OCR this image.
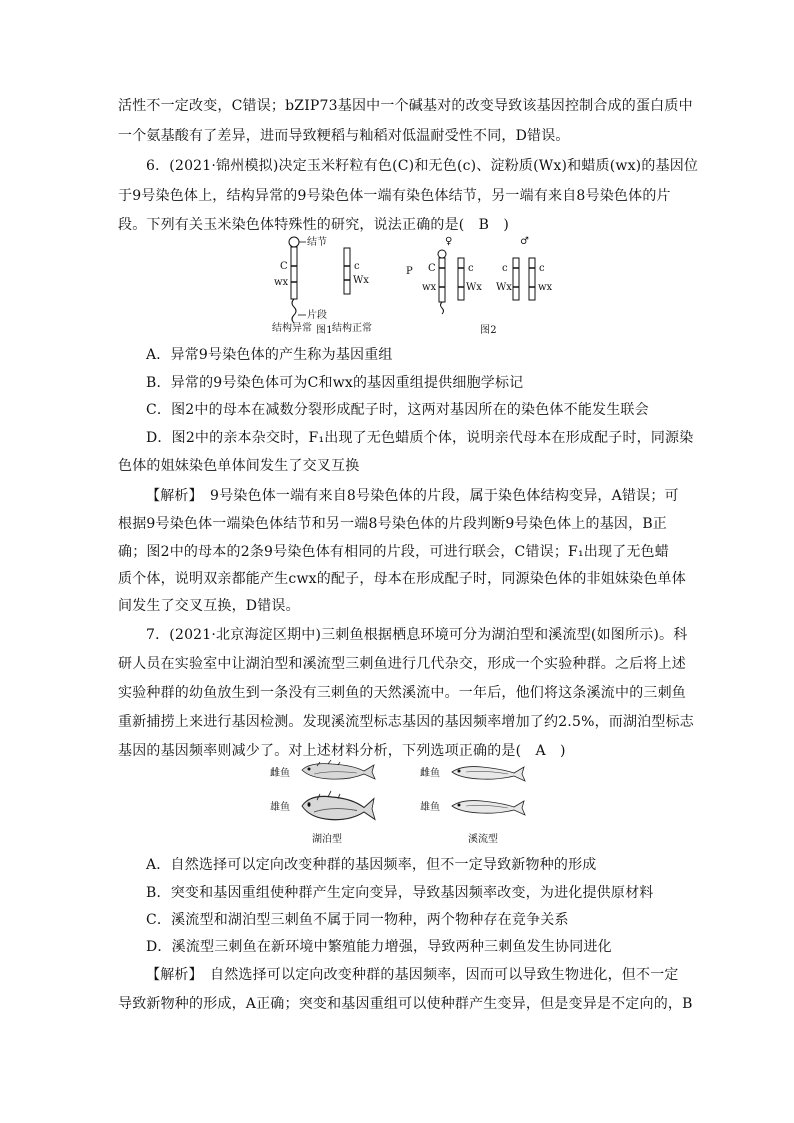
活性不一定改变，C错误；bZIP73基因中一个碱基对的改变导致该基因控制合成的蛋白质中
一个氨基酸有了差异，进而导致粳稻与籼稻对低温耐受性不同，D错误。
6．(2021·锦州模拟)决定玉米籽粒有色(C)和无色(c)、淀粉质(Wx)和蜡质(wx)的基因位
于9号染色体上，结构异常的9号染色体一端有染色体结节，另一端有来自8号染色体的片
段。下列有关玉米染色体特殊性的研究，说法正确的是(　B　)
结节
C
wx
片段
c
Wx
结构异常 结构正常
图1
♀	♂
P C
wx
c
Wx
c
Wx
c
wx
图2
A．异常9号染色体的产生称为基因重组
B．异常的9号染色体可为C和wx的基因重组提供细胞学标记
C．图2中的母本在减数分裂形成配子时，这两对基因所在的染色体不能发生联会
D．图2中的亲本杂交时，F₁出现了无色蜡质个体，说明亲代母本在形成配子时，同源染
色体的姐妹染色单体间发生了交叉互换
【解析】　9号染色体一端有来自8号染色体的片段，属于染色体结构变异，A错误；可
根据9号染色体一端染色体结节和另一端8号染色体的片段判断9号染色体上的基因，B正
确；图2中的母本的2条9号染色体有相同的片段，可进行联会，C错误；F₁出现了无色蜡
质个体，说明双亲都能产生cwx的配子，母本在形成配子时，同源染色体的非姐妹染色单体
间发生了交叉互换，D错误。
7．(2021·北京海淀区期中)三刺鱼根据栖息环境可分为湖泊型和溪流型(如图所示)。科
研人员在实验室中让湖泊型和溪流型三刺鱼进行几代杂交，形成一个实验种群。之后将上述
实验种群的幼鱼放生到一条没有三刺鱼的天然溪流中。一年后，他们将这条溪流中的三刺鱼
重新捕捞上来进行基因检测。发现溪流型标志基因的基因频率增加了约2.5%，而湖泊型标志
基因的基因频率则减少了。对上述材料分析，下列选项正确的是(　A　)
雌鱼
雄鱼
湖泊型
雌鱼
雄鱼
溪流型
A．自然选择可以定向改变种群的基因频率，但不一定导致新物种的形成
B．突变和基因重组使种群产生定向变异，导致基因频率改变，为进化提供原材料
C．溪流型和湖泊型三刺鱼不属于同一物种，两个物种存在竞争关系
D．溪流型三刺鱼在新环境中繁殖能力增强，导致两种三刺鱼发生协同进化
【解析】　自然选择可以定向改变种群的基因频率，因而可以导致生物进化，但不一定
导致新物种的形成，A正确；突变和基因重组可以使种群产生变异，但是变异是不定向的，B
